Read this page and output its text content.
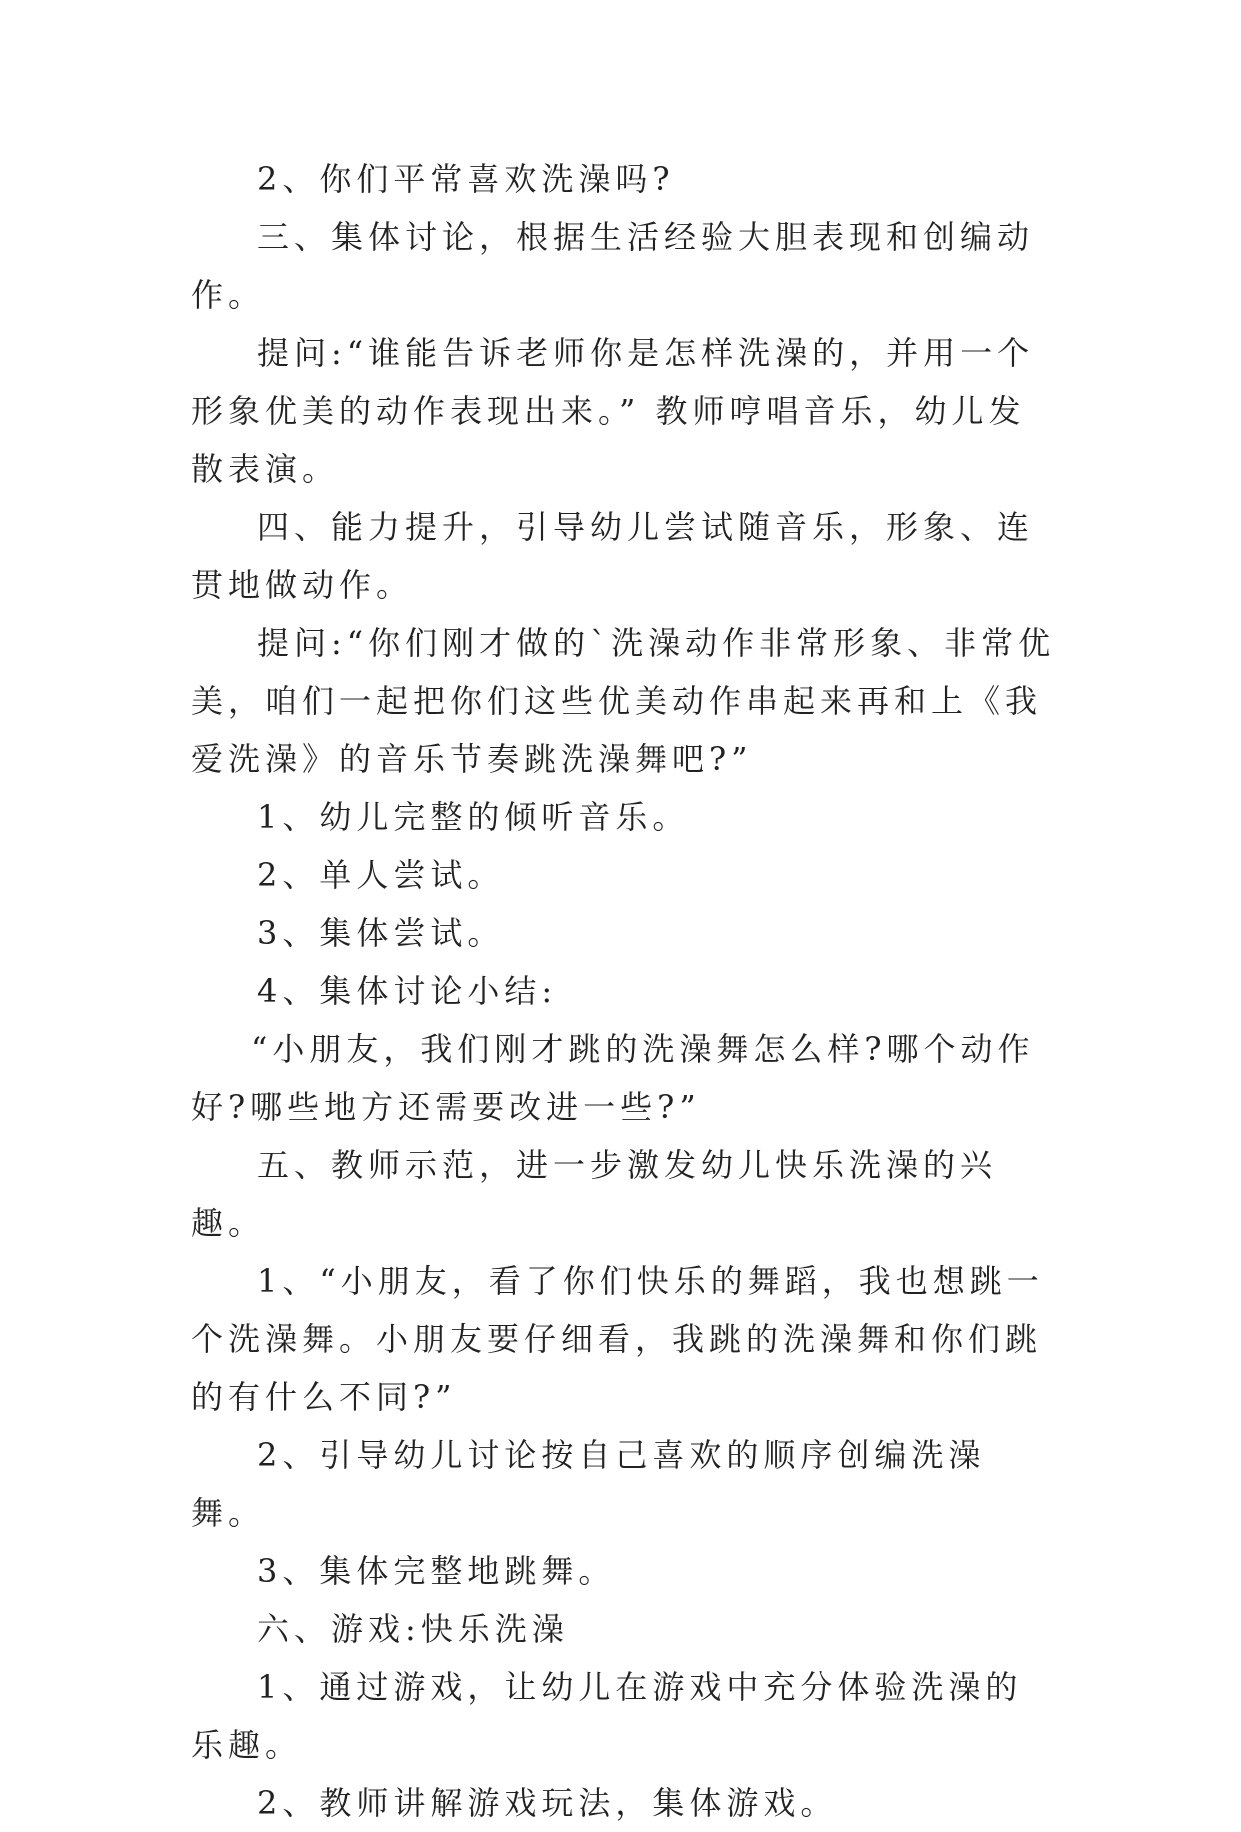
2、你们平常喜欢洗澡吗?

三、集体讨论，根据生活经验大胆表现和创编动作。

提问:“谁能告诉老师你是怎样洗澡的，并用一个形象优美的动作表现出来。” 教师哼唱音乐，幼儿发散表演。

四、能力提升，引导幼儿尝试随音乐，形象、连贯地做动作。

提问:“你们刚才做的`洗澡动作非常形象、非常优美，咱们一起把你们这些优美动作串起来再和上《我爱洗澡》的音乐节奏跳洗澡舞吧?”

1、幼儿完整的倾听音乐。

2、单人尝试。

3、集体尝试。

4、集体讨论小结:

“小朋友，我们刚才跳的洗澡舞怎么样?哪个动作好?哪些地方还需要改进一些?”

五、教师示范，进一步激发幼儿快乐洗澡的兴趣。

1、“小朋友，看了你们快乐的舞蹈，我也想跳一个洗澡舞。小朋友要仔细看，我跳的洗澡舞和你们跳的有什么不同?”

2、引导幼儿讨论按自己喜欢的顺序创编洗澡舞。

3、集体完整地跳舞。

六、游戏:快乐洗澡

1、通过游戏，让幼儿在游戏中充分体验洗澡的乐趣。

2、教师讲解游戏玩法，集体游戏。
